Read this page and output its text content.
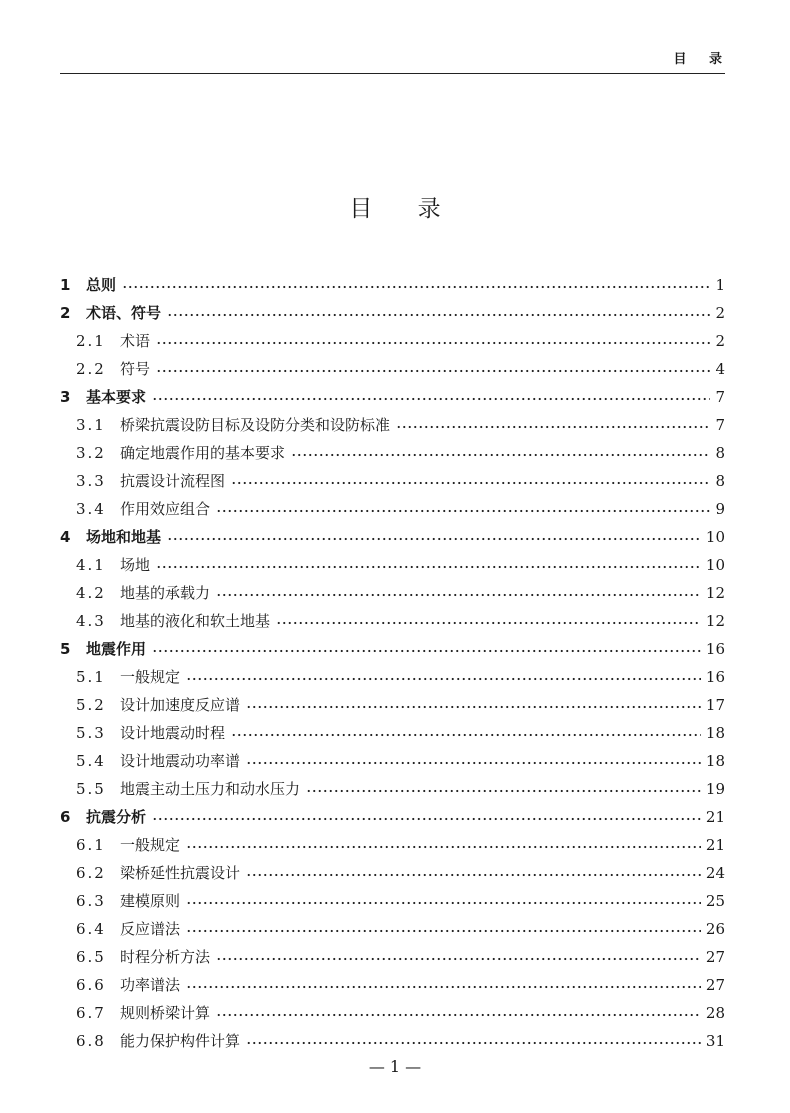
目 录
目 录
1	总则	1
2	术语、符号	2
2.1 术语	2
2.2 符号	4
3	基本要求	7
3.1 桥梁抗震设防目标及设防分类和设防标准	7
3.2 确定地震作用的基本要求	8
3.3 抗震设计流程图	8
3.4 作用效应组合	9
4	场地和地基	10
4.1 场地	10
4.2 地基的承载力	12
4.3 地基的液化和软土地基	12
5	地震作用	16
5.1 一般规定	16
5.2 设计加速度反应谱	17
5.3 设计地震动时程	18
5.4 设计地震动功率谱	18
5.5 地震主动土压力和动水压力	19
6	抗震分析	21
6.1 一般规定	21
6.2 梁桥延性抗震设计	24
6.3 建模原则	25
6.4 反应谱法	26
6.5 时程分析方法	27
6.6 功率谱法	27
6.7 规则桥梁计算	28
6.8 能力保护构件计算	31
— 1 —
